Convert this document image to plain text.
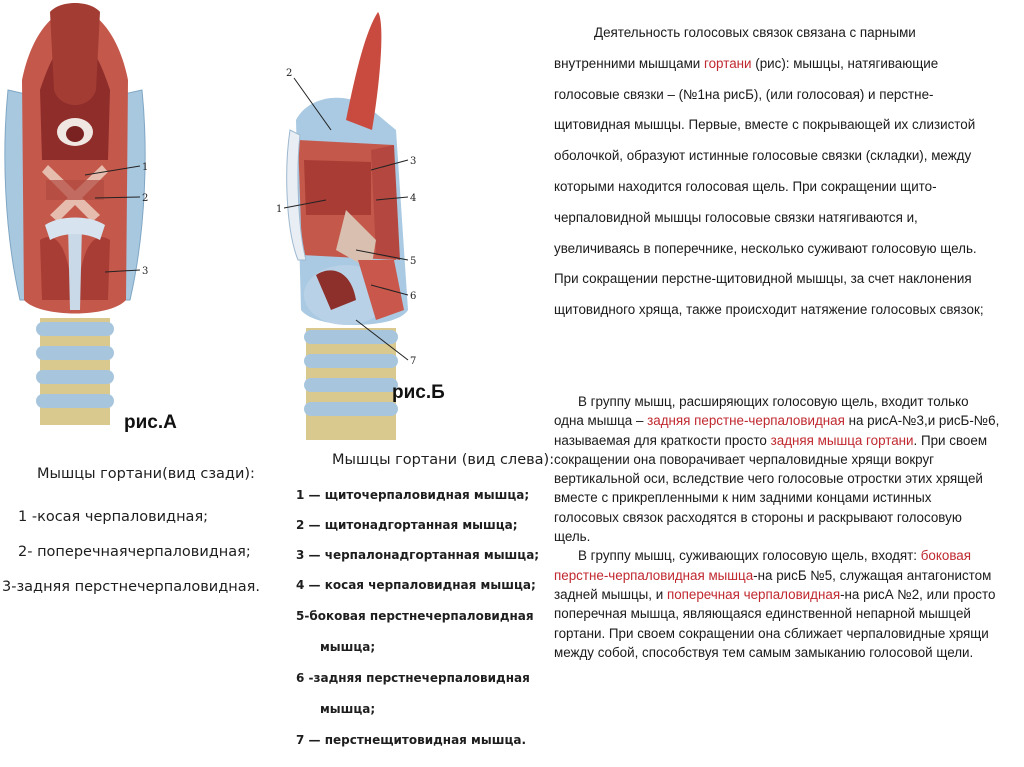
1
2
3
рис.А
2
1
3
4
5
6
7
рис.Б
Мышцы гортани(вид сзади):
1 -косая черпаловидная;
2- поперечнаячерпаловидная;
3-задняя перстнечерпаловидная.
Мышцы гортани (вид слева):
1 — щиточерпаловидная мышца;
2 — щитонадгортанная мышца;
3 — черпалонадгортанная мышца;
4 — косая черпаловидная мышца;
5-боковая перстнечерпаловидная
мышца;
6 -задняя перстнечерпаловидная
мышца;
7 — перстнещитовидная мышца.

Деятельность голосовых связок связана с парными

внутренними мышцами гортани (рис): мышцы, натягивающие

голосовые связки – (№1на рисБ), (или голосовая) и перстне-

щитовидная мышцы. Первые, вместе с покрывающей их слизистой

оболочкой, образуют истинные голосовые связки (складки), между

которыми находится голосовая щель. При сокращении щито-

черпаловидной мышцы голосовые связки натягиваются и,

увеличиваясь в поперечнике, несколько суживают голосовую щель.

При сокращении перстне-щитовидной мышцы, за счет наклонения

щитовидного хряща, также происходит натяжение голосовых связок;

В группу мышц, расширяющих голосовую щель, входит только

одна мышца – задняя перстне-черпаловидная на рисА-№3,и рисБ-№6,

называемая для краткости просто задняя мышца гортани. При своем

сокращении она поворачивает черпаловидные хрящи вокруг

вертикальной оси, вследствие чего голосовые отростки этих хрящей

вместе с прикрепленными к ним задними концами истинных

голосовых связок расходятся в стороны и раскрывают голосовую

щель.

В группу мышц, суживающих голосовую щель, входят: боковая

перстне-черпаловидная мышца-на рисБ №5, служащая антагонистом

задней мышцы, и поперечная черпаловидная-на рисА №2, или просто

поперечная мышца, являющаяся единственной непарной мышцей

гортани. При своем сокращении она сближает черпаловидные хрящи

между собой, способствуя тем самым замыканию голосовой щели.
